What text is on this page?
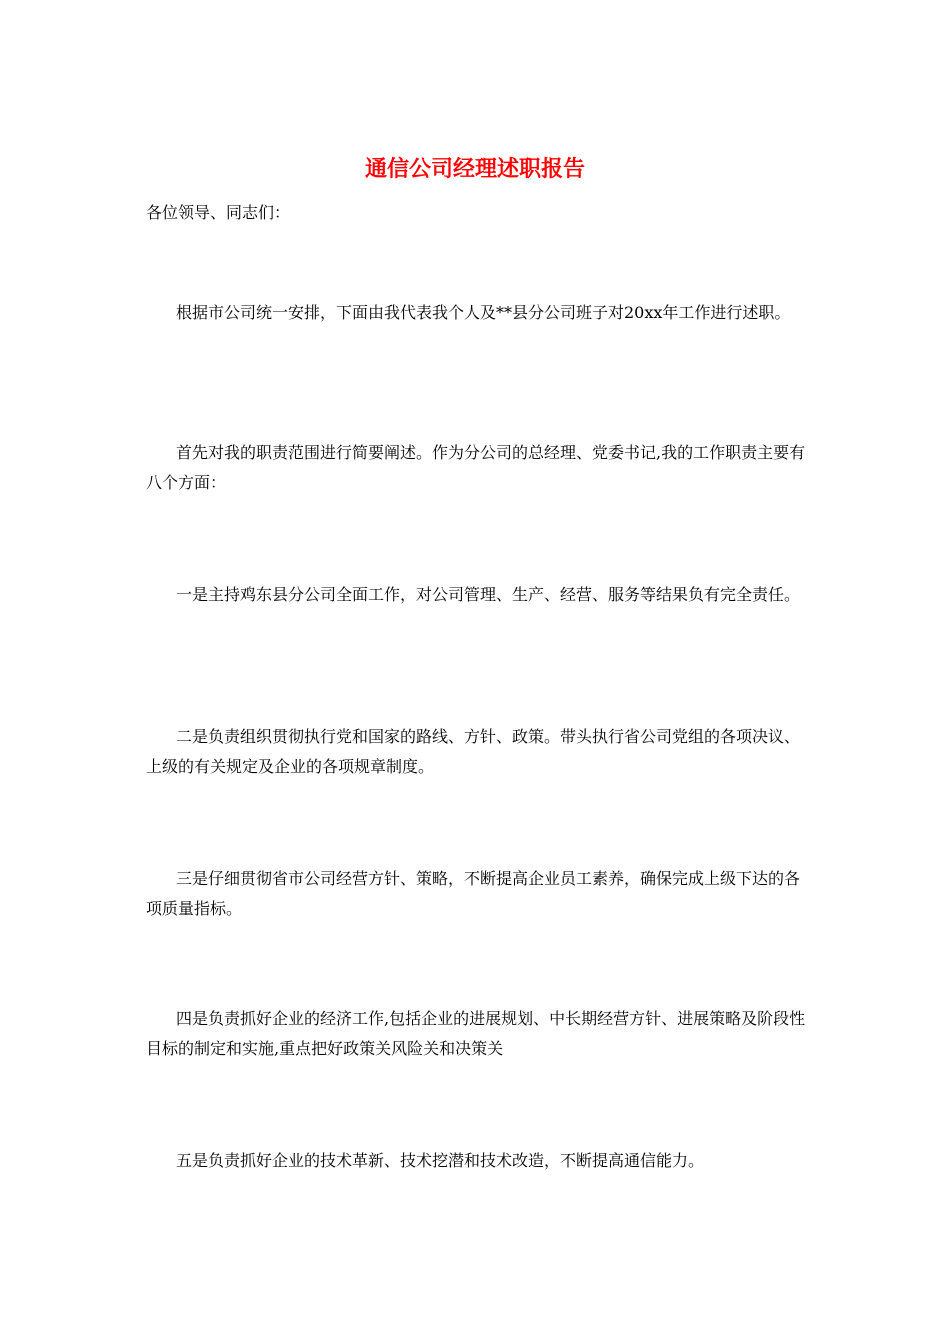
通信公司经理述职报告
各位领导、同志们：
根据市公司统一安排，下面由我代表我个人及**县分公司班子对20xx年工作进行述职。
首先对我的职责范围进行简要阐述。作为分公司的总经理、党委书记,我的工作职责主要有八个方面：
一是主持鸡东县分公司全面工作，对公司管理、生产、经营、服务等结果负有完全责任。
二是负责组织贯彻执行党和国家的路线、方针、政策。带头执行省公司党组的各项决议、上级的有关规定及企业的各项规章制度。
三是仔细贯彻省市公司经营方针、策略，不断提高企业员工素养，确保完成上级下达的各项质量指标。
四是负责抓好企业的经济工作,包括企业的进展规划、中长期经营方针、进展策略及阶段性目标的制定和实施,重点把好政策关风险关和决策关
五是负责抓好企业的技术革新、技术挖潜和技术改造，不断提高通信能力。
